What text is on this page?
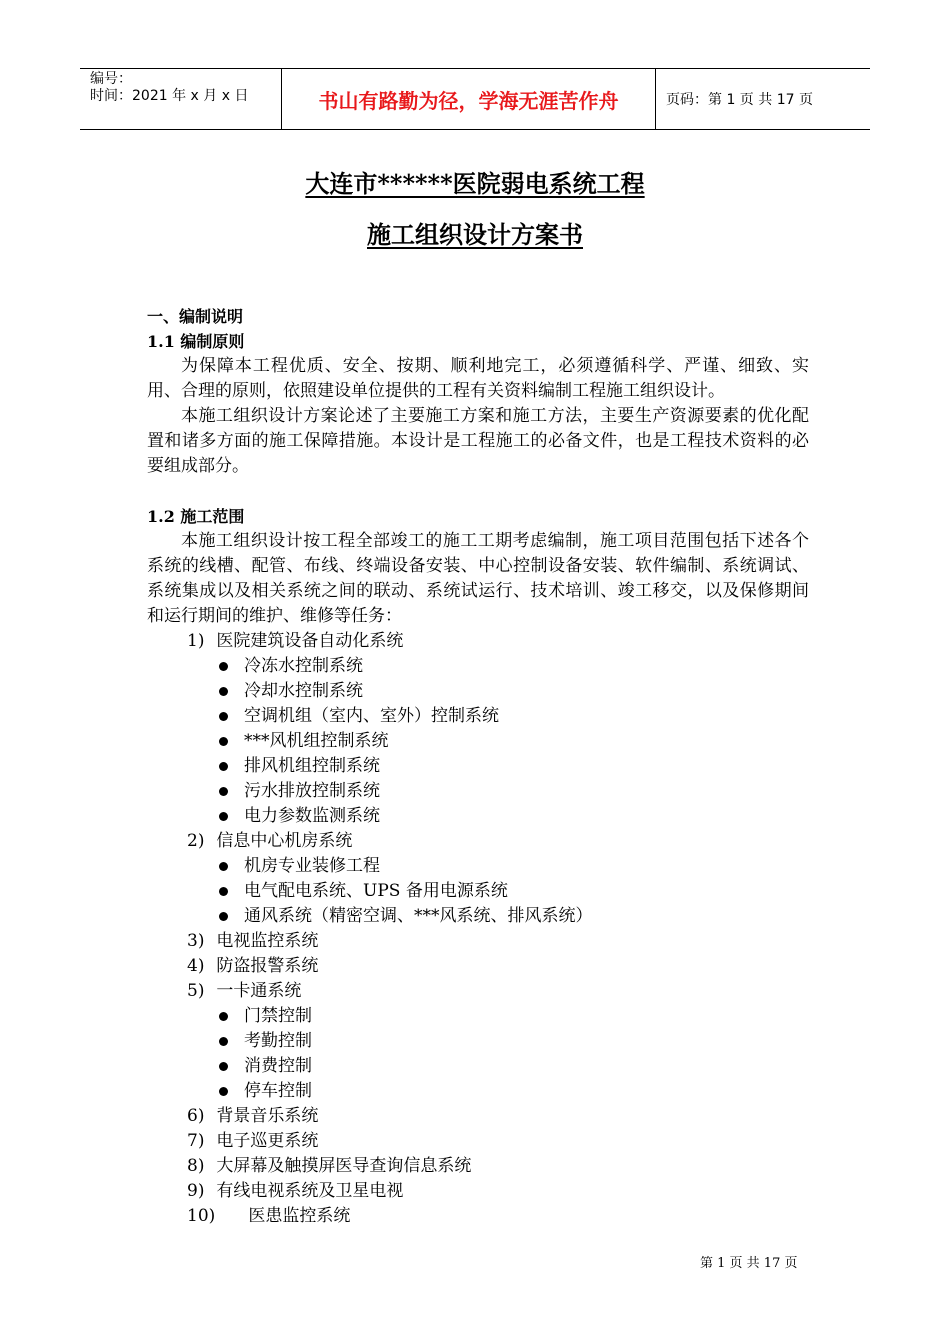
编号：
时间：2021 年 x 月 x 日	书山有路勤为径，学海无涯苦作舟	页码：第 1 页 共 17 页
大连市******医院弱电系统工程
施工组织设计方案书
一、编制说明
1.1 编制原则
为保障本工程优质、安全、按期、顺利地完工，必须遵循科学、严谨、细致、实用、合理的原则，依照建设单位提供的工程有关资料编制工程施工组织设计。
本施工组织设计方案论述了主要施工方案和施工方法，主要生产资源要素的优化配置和诸多方面的施工保障措施。本设计是工程施工的必备文件，也是工程技术资料的必要组成部分。
1.2 施工范围
本施工组织设计按工程全部竣工的施工工期考虑编制，施工项目范围包括下述各个系统的线槽、配管、布线、终端设备安装、中心控制设备安装、软件编制、系统调试、系统集成以及相关系统之间的联动、系统试运行、技术培训、竣工移交，以及保修期间和运行期间的维护、维修等任务：
1) 医院建筑设备自动化系统
冷冻水控制系统
冷却水控制系统
空调机组（室内、室外）控制系统
***风机组控制系统
排风机组控制系统
污水排放控制系统
电力参数监测系统
2) 信息中心机房系统
机房专业装修工程
电气配电系统、UPS 备用电源系统
通风系统（精密空调、***风系统、排风系统）
3) 电视监控系统
4) 防盗报警系统
5) 一卡通系统
门禁控制
考勤控制
消费控制
停车控制
6) 背景音乐系统
7) 电子巡更系统
8) 大屏幕及触摸屏医导查询信息系统
9) 有线电视系统及卫星电视
10) 医患监控系统
第 1 页 共 17 页
